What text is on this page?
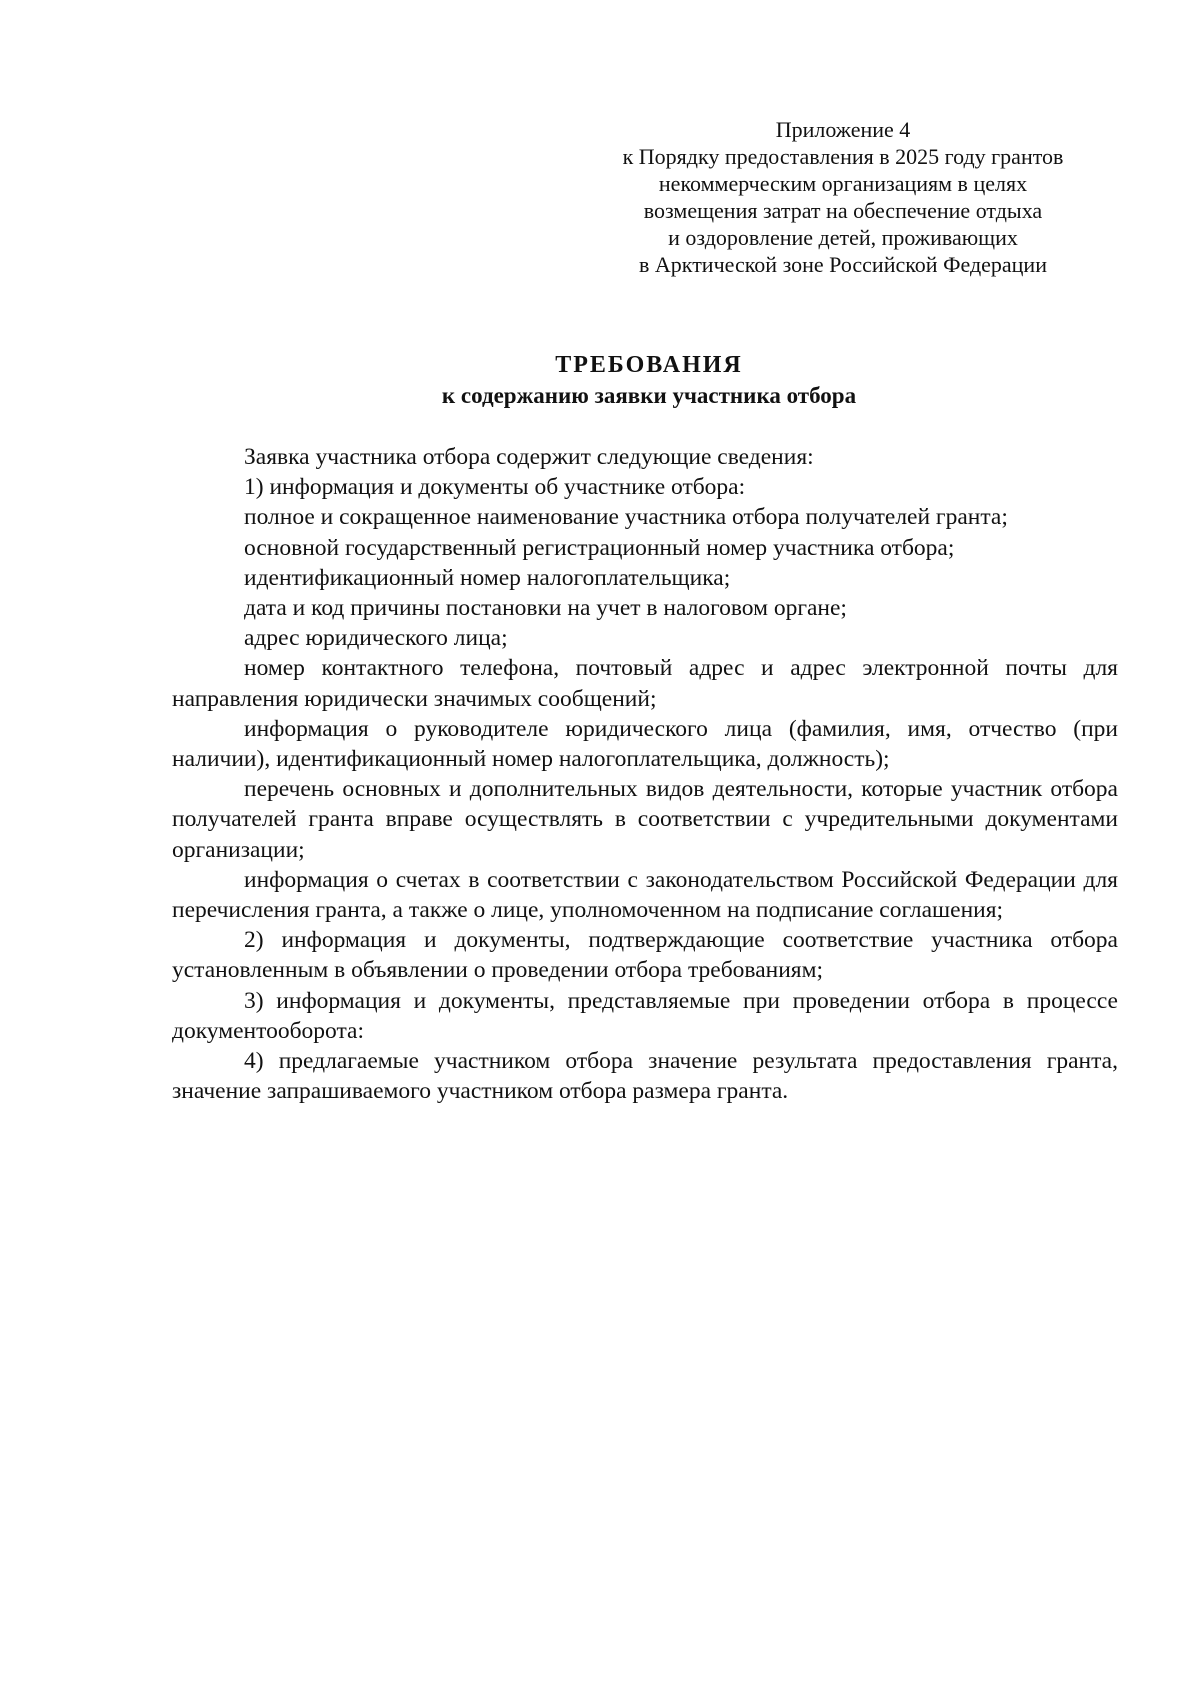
Приложение 4
к Порядку предоставления в 2025 году грантов
некоммерческим организациям в целях
возмещения затрат на обеспечение отдыха
и оздоровление детей, проживающих
в Арктической зоне Российской Федерации
ТРЕБОВАНИЯ
к содержанию заявки участника отбора

Заявка участника отбора содержит следующие сведения:

1) информация и документы об участнике отбора:

полное и сокращенное наименование участника отбора получателей гранта;

основной государственный регистрационный номер участника отбора;

идентификационный номер налогоплательщика;

дата и код причины постановки на учет в налоговом органе;

адрес юридического лица;

номер контактного телефона, почтовый адрес и адрес электронной почты для направления юридически значимых сообщений;

информация о руководителе юридического лица (фамилия, имя, отчество (при наличии), идентификационный номер налогоплательщика, должность);

перечень основных и дополнительных видов деятельности, которые участник отбора получателей гранта вправе осуществлять в соответствии с учредительными документами организации;

информация о счетах в соответствии с законодательством Российской Федерации для перечисления гранта, а также о лице, уполномоченном на подписание соглашения;

2) информация и документы, подтверждающие соответствие участника отбора установленным в объявлении о проведении отбора требованиям;

3) информация и документы, представляемые при проведении отбора в процессе документооборота:

4) предлагаемые участником отбора значение результата предоставления гранта, значение запрашиваемого участником отбора размера гранта.
